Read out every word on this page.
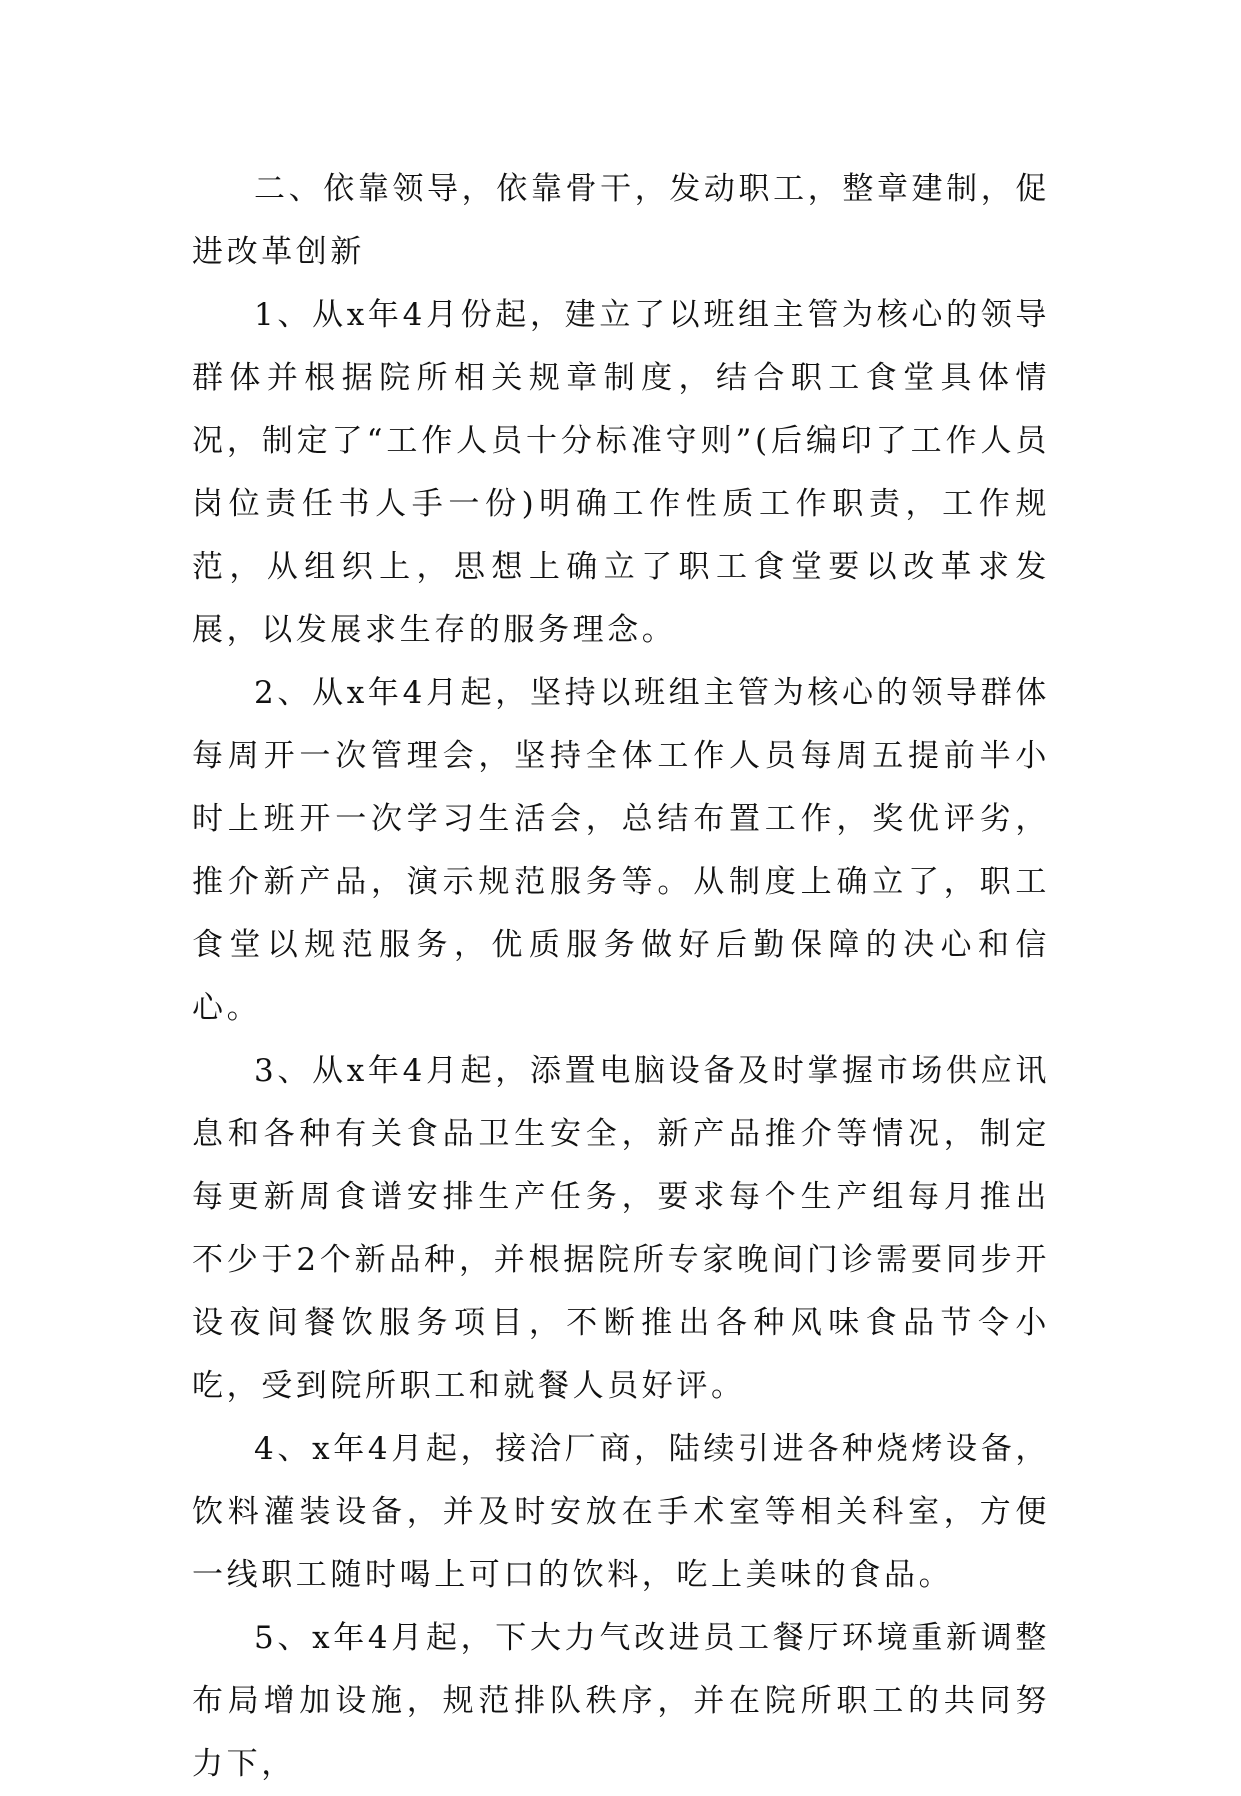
二、依靠领导，依靠骨干，发动职工，整章建制，促进改革创新

1、从x年4月份起，建立了以班组主管为核心的领导群体并根据院所相关规章制度，结合职工食堂具体情况，制定了“工作人员十分标准守则”(后编印了工作人员岗位责任书人手一份)明确工作性质工作职责，工作规范，从组织上，思想上确立了职工食堂要以改革求发展，以发展求生存的服务理念。

2、从x年4月起，坚持以班组主管为核心的领导群体每周开一次管理会，坚持全体工作人员每周五提前半小时上班开一次学习生活会，总结布置工作，奖优评劣，推介新产品，演示规范服务等。从制度上确立了，职工食堂以规范服务，优质服务做好后勤保障的决心和信心。

3、从x年4月起，添置电脑设备及时掌握市场供应讯息和各种有关食品卫生安全，新产品推介等情况，制定每更新周食谱安排生产任务，要求每个生产组每月推出不少于2个新品种，并根据院所专家晚间门诊需要同步开设夜间餐饮服务项目，不断推出各种风味食品节令小吃，受到院所职工和就餐人员好评。

4、x年4月起，接洽厂商，陆续引进各种烧烤设备，饮料灌装设备，并及时安放在手术室等相关科室，方便一线职工随时喝上可口的饮料，吃上美味的食品。

5、x年4月起，下大力气改进员工餐厅环境重新调整布局增加设施，规范排队秩序，并在院所职工的共同努力下，
